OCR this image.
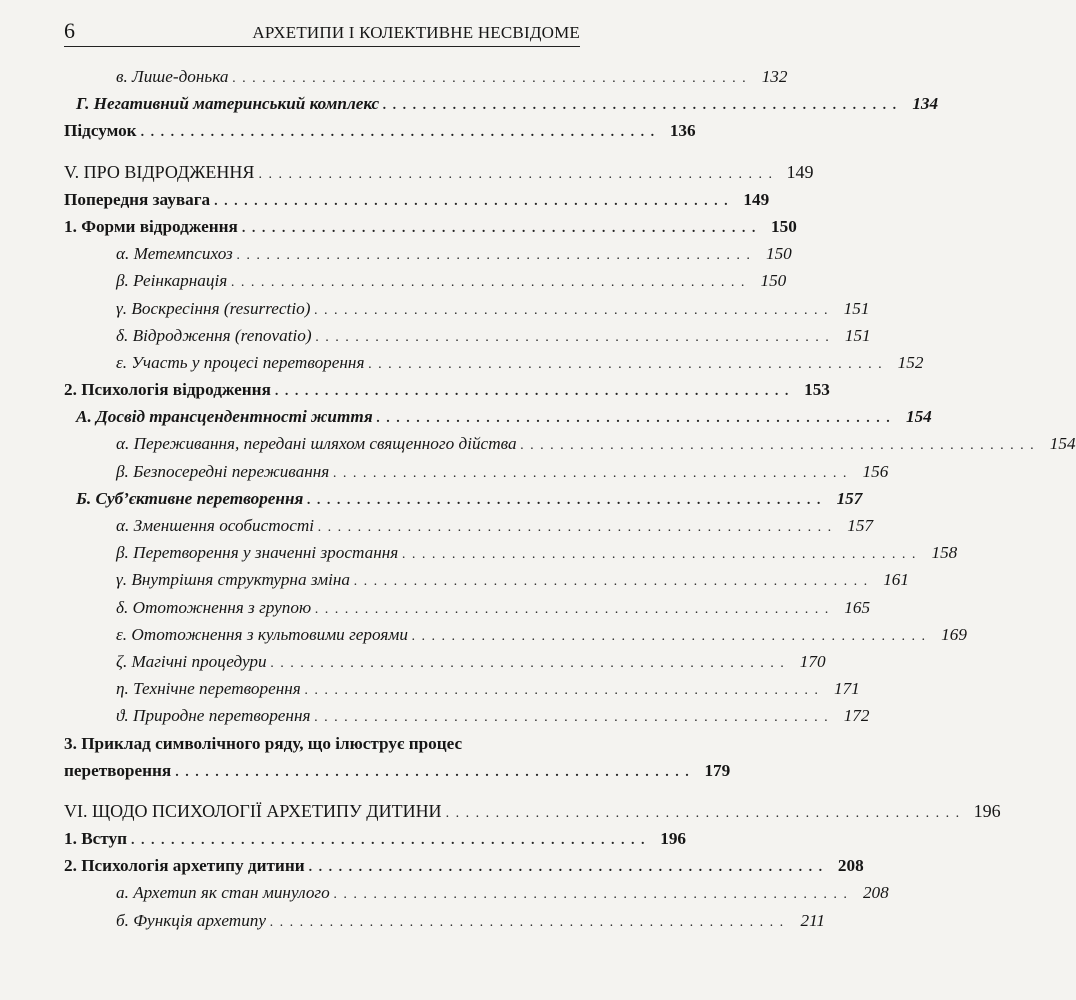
6	АРХЕТИПИ І КОЛЕКТИВНЕ НЕСВІДОМЕ
в. Лише-донька . . . . . . . . . . . . . . . . . . . . . . . . . . . . . . . . . . . . . . . . . . . . . . . . . . . . 132
Г. Негативний материнський комплекс . . . . . . . . . . . . . . . . . . . . . . . . . . . . . . . . . . . . . . . . . . . . . . . . . . . . 134
Підсумок . . . . . . . . . . . . . . . . . . . . . . . . . . . . . . . . . . . . . . . . . . . . . . . . . . . . 136
V. ПРО ВІДРОДЖЕННЯ . . . . . . . . . . . . . . . . . . . . . . . . . . . . . . . . . . . . . . . . . . . . . . . . . . . . 149
Попередня заувага . . . . . . . . . . . . . . . . . . . . . . . . . . . . . . . . . . . . . . . . . . . . . . . . . . . . 149
1. Форми відродження . . . . . . . . . . . . . . . . . . . . . . . . . . . . . . . . . . . . . . . . . . . . . . . . . . . . 150
α. Метемпсихоз . . . . . . . . . . . . . . . . . . . . . . . . . . . . . . . . . . . . . . . . . . . . . . . . . . . . 150
β. Реінкарнація . . . . . . . . . . . . . . . . . . . . . . . . . . . . . . . . . . . . . . . . . . . . . . . . . . . . 150
γ. Воскресіння (resurrectio) . . . . . . . . . . . . . . . . . . . . . . . . . . . . . . . . . . . . . . . . . . . . . . . . . . . . 151
δ. Відродження (renovatio) . . . . . . . . . . . . . . . . . . . . . . . . . . . . . . . . . . . . . . . . . . . . . . . . . . . . 151
ε. Участь у процесі перетворення . . . . . . . . . . . . . . . . . . . . . . . . . . . . . . . . . . . . . . . . . . . . . . . . . . . . 152
2. Психологія відродження . . . . . . . . . . . . . . . . . . . . . . . . . . . . . . . . . . . . . . . . . . . . . . . . . . . . 153
А. Досвід трансцендентності життя . . . . . . . . . . . . . . . . . . . . . . . . . . . . . . . . . . . . . . . . . . . . . . . . . . . . 154
α. Переживання, передані шляхом священного дійства . . . . . . . . . . . . . . . . . . . . . . . . . . . . . . . . . . . . . . . . . . . . . . . . . . . . 154
β. Безпосередні переживання . . . . . . . . . . . . . . . . . . . . . . . . . . . . . . . . . . . . . . . . . . . . . . . . . . . . 156
Б. Суб’єктивне перетворення . . . . . . . . . . . . . . . . . . . . . . . . . . . . . . . . . . . . . . . . . . . . . . . . . . . . 157
α. Зменшення особистості . . . . . . . . . . . . . . . . . . . . . . . . . . . . . . . . . . . . . . . . . . . . . . . . . . . . 157
β. Перетворення у значенні зростання . . . . . . . . . . . . . . . . . . . . . . . . . . . . . . . . . . . . . . . . . . . . . . . . . . . . 158
γ. Внутрішня структурна зміна . . . . . . . . . . . . . . . . . . . . . . . . . . . . . . . . . . . . . . . . . . . . . . . . . . . . 161
δ. Ототожнення з групою . . . . . . . . . . . . . . . . . . . . . . . . . . . . . . . . . . . . . . . . . . . . . . . . . . . . 165
ε. Ототожнення з культовими героями . . . . . . . . . . . . . . . . . . . . . . . . . . . . . . . . . . . . . . . . . . . . . . . . . . . . 169
ζ. Магічні процедури . . . . . . . . . . . . . . . . . . . . . . . . . . . . . . . . . . . . . . . . . . . . . . . . . . . . 170
η. Технічне перетворення . . . . . . . . . . . . . . . . . . . . . . . . . . . . . . . . . . . . . . . . . . . . . . . . . . . . 171
ϑ. Природне перетворення . . . . . . . . . . . . . . . . . . . . . . . . . . . . . . . . . . . . . . . . . . . . . . . . . . . . 172
3. Приклад символічного ряду, що ілюструє процес
перетворення . . . . . . . . . . . . . . . . . . . . . . . . . . . . . . . . . . . . . . . . . . . . . . . . . . . . 179
VI. ЩОДО ПСИХОЛОГІЇ АРХЕТИПУ ДИТИНИ . . . . . . . . . . . . . . . . . . . . . . . . . . . . . . . . . . . . . . . . . . . . . . . . . . . . 196
1. Вступ . . . . . . . . . . . . . . . . . . . . . . . . . . . . . . . . . . . . . . . . . . . . . . . . . . . . 196
2. Психологія архетипу дитини . . . . . . . . . . . . . . . . . . . . . . . . . . . . . . . . . . . . . . . . . . . . . . . . . . . . 208
а. Архетип як стан минулого . . . . . . . . . . . . . . . . . . . . . . . . . . . . . . . . . . . . . . . . . . . . . . . . . . . . 208
б. Функція архетипу . . . . . . . . . . . . . . . . . . . . . . . . . . . . . . . . . . . . . . . . . . . . . . . . . . . . 211
